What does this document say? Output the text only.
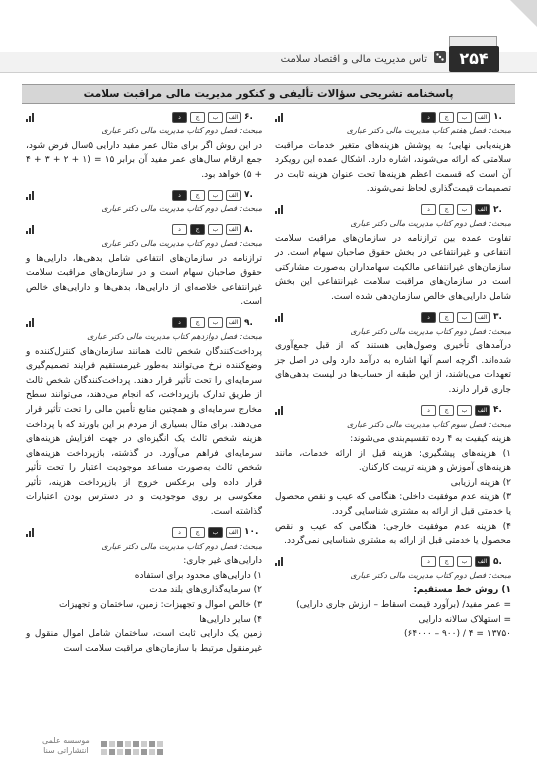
۲۵۴
تاس مدیریت مالی و اقتصاد سلامت
پاسخنامه تشریحی سؤالات تألیفی و کنکور مدیریت مالی مراقبت سلامت
۱.
الف
ب
ج
د

مبحث: فصل هفتم کتاب مدیریت مالی دکتر عباری

هزینه‌یابی نهایی؛ به پوشش هزینه‌های متغیر خدمات مراقبت سلامتی که ارائه می‌شوند، اشاره دارد. اشکال عمده این رویکرد آن است که قسمت اعظم هزینه‌ها تحت عنوان هزینه ثابت در تصمیمات قیمت‌گذاری لحاظ نمی‌شوند.

۲.
الف
ب
ج
د

مبحث: فصل دوم کتاب مدیریت مالی دکتر عباری

تفاوت عمده بین ترازنامه در سازمان‌های مراقبت سلامت انتفاعی و غیرانتفاعی در بخش حقوق صاحبان سهام است. در سازمان‌های غیرانتفاعی مالکیت سهامداران به‌صورت مشارکتی است در سازمان‌های مراقبت سلامت غیرانتفاعی این بخش شامل دارایی‌های خالص سازمان‌دهی شده است.

۳.
الف
ب
ج
د

مبحث: فصل دوم کتاب مدیریت مالی دکتر عباری

درآمدهای تأخیری وصول‌هایی هستند که از قبل جمع‌آوری شده‌اند. اگرچه اسم آنها اشاره به درآمد دارد ولی در اصل جز تعهدات می‌باشند، از این طبقه از حساب‌ها در لیست بدهی‌های جاری قرار دارند.

۴.
الف
ب
ج
د

مبحث: فصل سوم کتاب مدیریت مالی دکتر عباری

هزینه کیفیت به ۴ رده تقسیم‌بندی می‌شوند:

۱) هزینه‌های پیشگیری: هزینه قبل از ارائه خدمات، مانند هزینه‌های آموزش و هزینه ترییت کارکنان.

۲) هزینه ارزیابی

۳) هزینه عدم موفقیت داخلی: هنگامی که عیب و نقص محصول یا خدمتی قبل از ارائه به مشتری شناسایی گردد.

۴) هزینه عدم موفقیت خارجی: هنگامی که عیب و نقص محصول یا خدمتی قبل از ارائه به مشتری شناسایی نمی‌گردد.

۵.
الف
ب
ج
د

مبحث: فصل دوم کتاب مدیریت مالی دکتر عباری

۱) روش خط مستقیم:

= عمر مفید/ (برآورد قیمت اسقاط – ارزش جاری دارایی)

= استهلاک سالانه دارایی

۱۳۷۵۰ = ۴ / (۹۰۰ – ۶۴۰۰۰)

۶.
الف
ب
ج
د

مبحث: فصل دوم کتاب مدیریت مالی دکتر عباری

در این روش اگر برای مثال عمر مفید دارایی ۵سال فرض شود، جمع ارقام سال‌های عمر مفید آن برابر ۱۵ = (۱ + ۲ + ۳ + ۴ + ۵) خواهد بود.

۷.
الف
ب
ج
د

مبحث: فصل دوم کتاب مدیریت مالی دکتر عباری

۸.
الف
ب
ج
د

مبحث: فصل دوم کتاب مدیریت مالی دکتر عباری

ترازنامه در سازمان‌های انتفاعی شامل بدهی‌ها، دارایی‌ها و حقوق صاحبان سهام است و در سازمان‌های مراقبت سلامت غیرانتفاعی خلاصه‌ای از دارایی‌ها، بدهی‌ها و دارایی‌های خالص است.

۹.
الف
ب
ج
د

مبحث: فصل دوازدهم کتاب مدیریت مالی دکتر عباری

پرداخت‌کنندگان شخص ثالث همانند سازمان‌های کنترل‌کننده و وضع‌کننده نرخ می‌توانند به‌طور غیرمستقیم فرایند تصمیم‌گیری سرمایه‌ای را تحت تأثیر قرار دهند. پرداخت‌کنندگان شخص ثالث از طریق تدارک بازپرداخت، که انجام می‌دهند، می‌توانند سطح مخارج سرمایه‌ای و همچنین منابع تأمین مالی را تحت تأثیر قرار می‌دهند. برای مثال بسیاری از مردم بر این باورند که با پرداخت هزینه شخص ثالث یک انگیزه‌ای در جهت افزایش هزینه‌های سرمایه‌ای فراهم می‌آورد. در گذشته، بازپرداخت هزینه‌های شخص ثالث به‌صورت مساعد موجودیت اعتبار را تحت تأثیر قرار داده ولی برعکس خروج از بازپرداخت هزینه، تأثیر معکوسی بر روی موجودیت و در دسترس بودن اعتبارات گذاشته است.

۱۰.
الف
ب
ج
د

مبحث: فصل دوم کتاب مدیریت مالی دکتر عباری

دارایی‌های غیر جاری:

۱) دارایی‌های محدود برای استفاده

۲) سرمایه‌گذاری‌های بلند مدت

۳) خالص اموال و تجهیزات: زمین، ساختمان و تجهیزات

۴) سایر دارایی‌ها

زمین یک دارایی ثابت است، ساختمان شامل اموال منقول و غیرمنقول مرتبط با سازمان‌های مراقبت سلامت است

موسسه علمی
انتشاراتی سنا
